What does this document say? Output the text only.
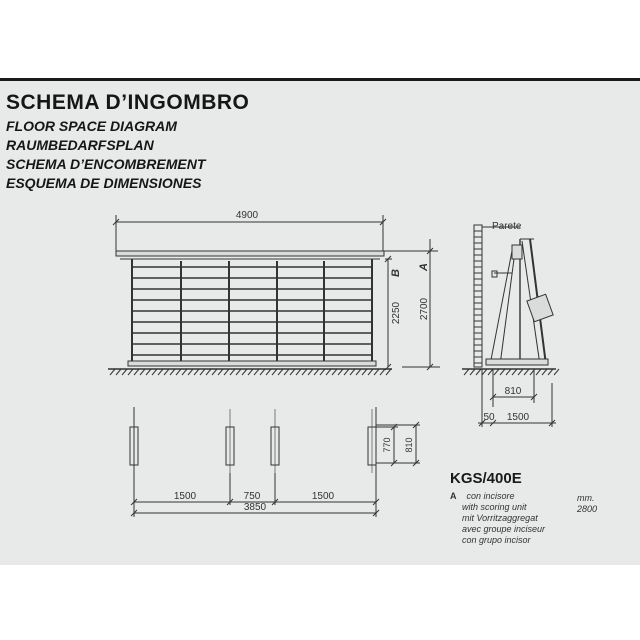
SCHEMA D’INGOMBRO
FLOOR SPACE DIAGRAM
RAUMBEDARFSPLAN
SCHEMA D’ENCOMBREMENT
ESQUEMA DE DIMENSIONES
4900
2250
B
2700
A
Parete
810
50 1500
1500	750	1500
3850
770 810
KGS/400E
A con incisore	mm. 2800
with scoring unit
mit Vorritzaggregat
avec groupe inciseur
con grupo incisor
